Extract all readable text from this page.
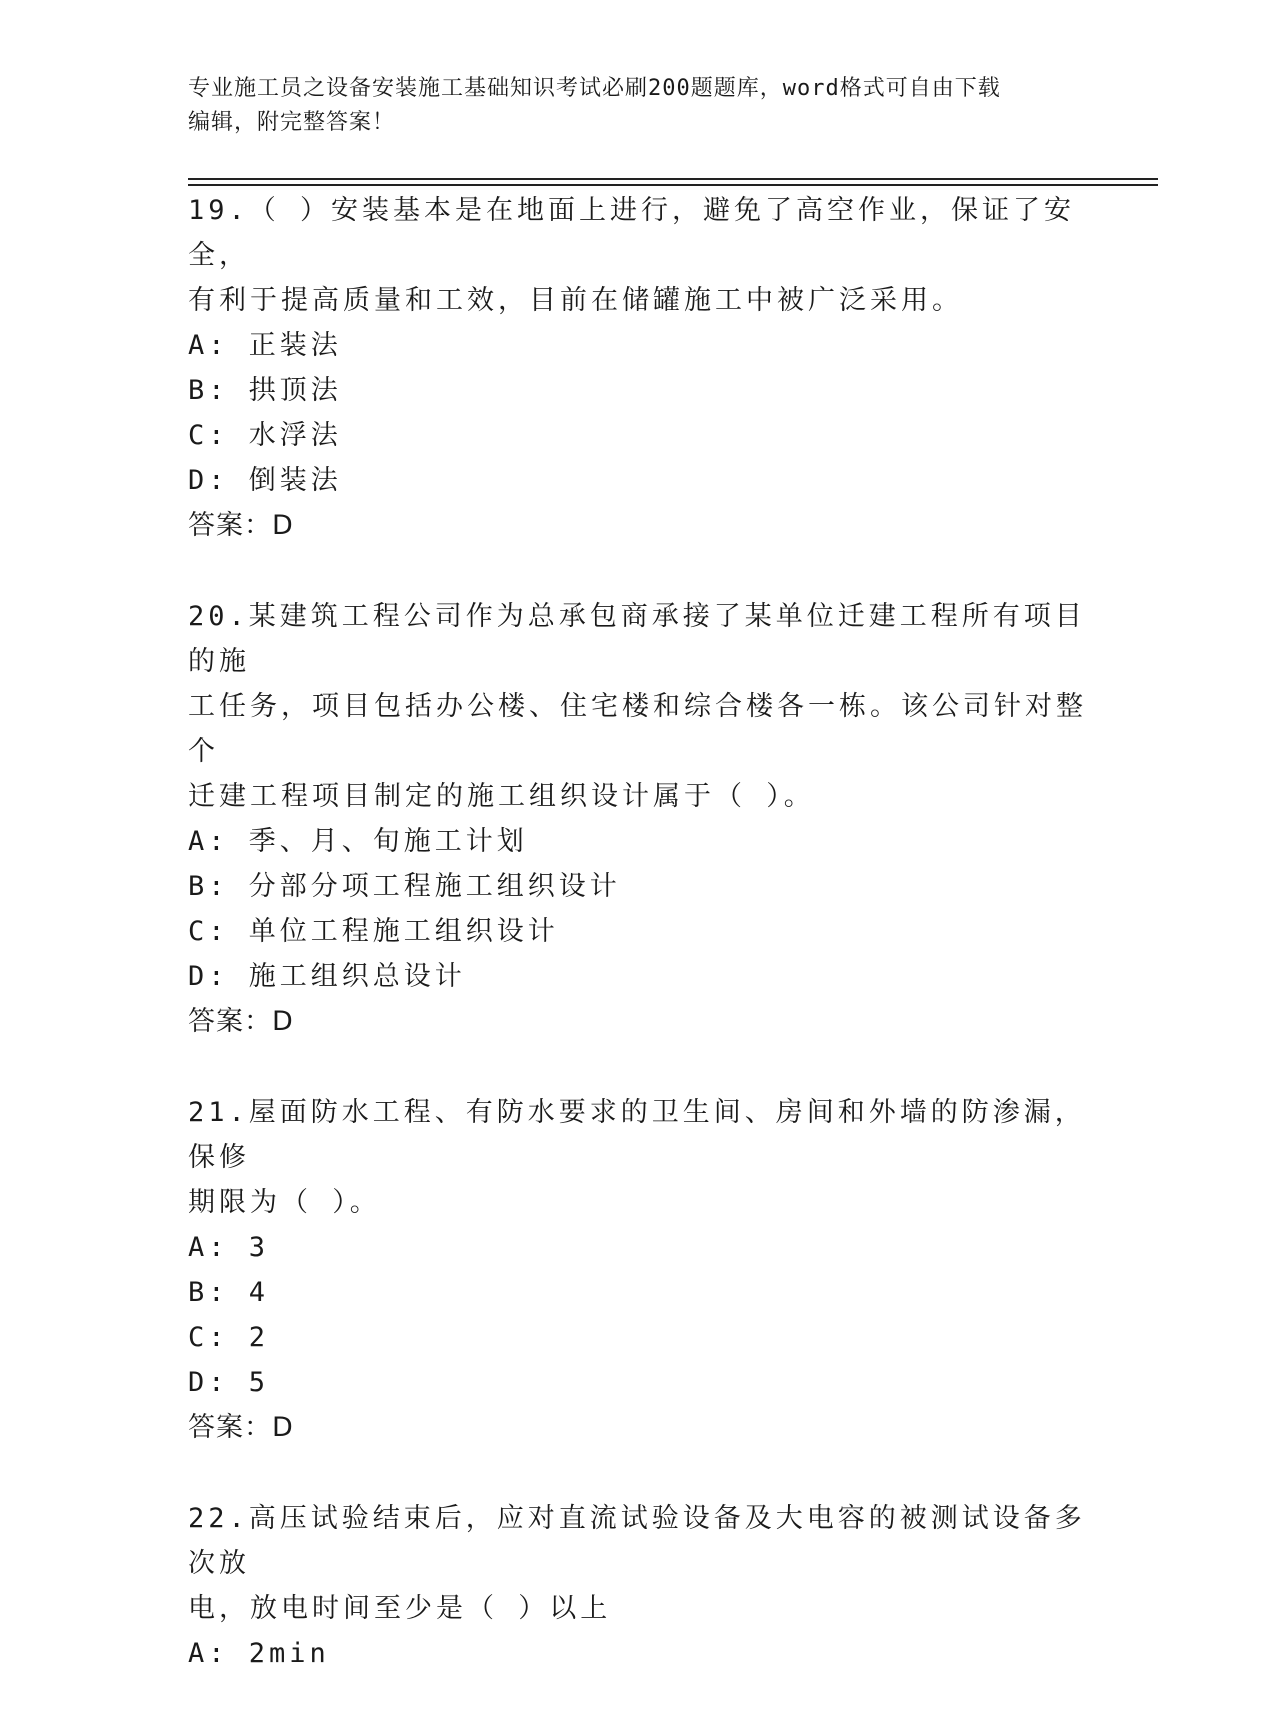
专业施工员之设备安装施工基础知识考试必刷200题题库，word格式可自由下载
编辑，附完整答案！
19.（ ）安装基本是在地面上进行，避免了高空作业，保证了安全，
有利于提高质量和工效，目前在储罐施工中被广泛采用。
A: 正装法
B: 拱顶法
C: 水浮法
D: 倒装法
答案：D
20.某建筑工程公司作为总承包商承接了某单位迁建工程所有项目的施
工任务，项目包括办公楼、住宅楼和综合楼各一栋。该公司针对整个
迁建工程项目制定的施工组织设计属于（ ）。
A: 季、月、旬施工计划
B: 分部分项工程施工组织设计
C: 单位工程施工组织设计
D: 施工组织总设计
答案：D
21.屋面防水工程、有防水要求的卫生间、房间和外墙的防渗漏，保修
期限为（ ）。
A: 3
B: 4
C: 2
D: 5
答案：D
22.高压试验结束后，应对直流试验设备及大电容的被测试设备多次放
电，放电时间至少是（ ）以上
A: 2min
